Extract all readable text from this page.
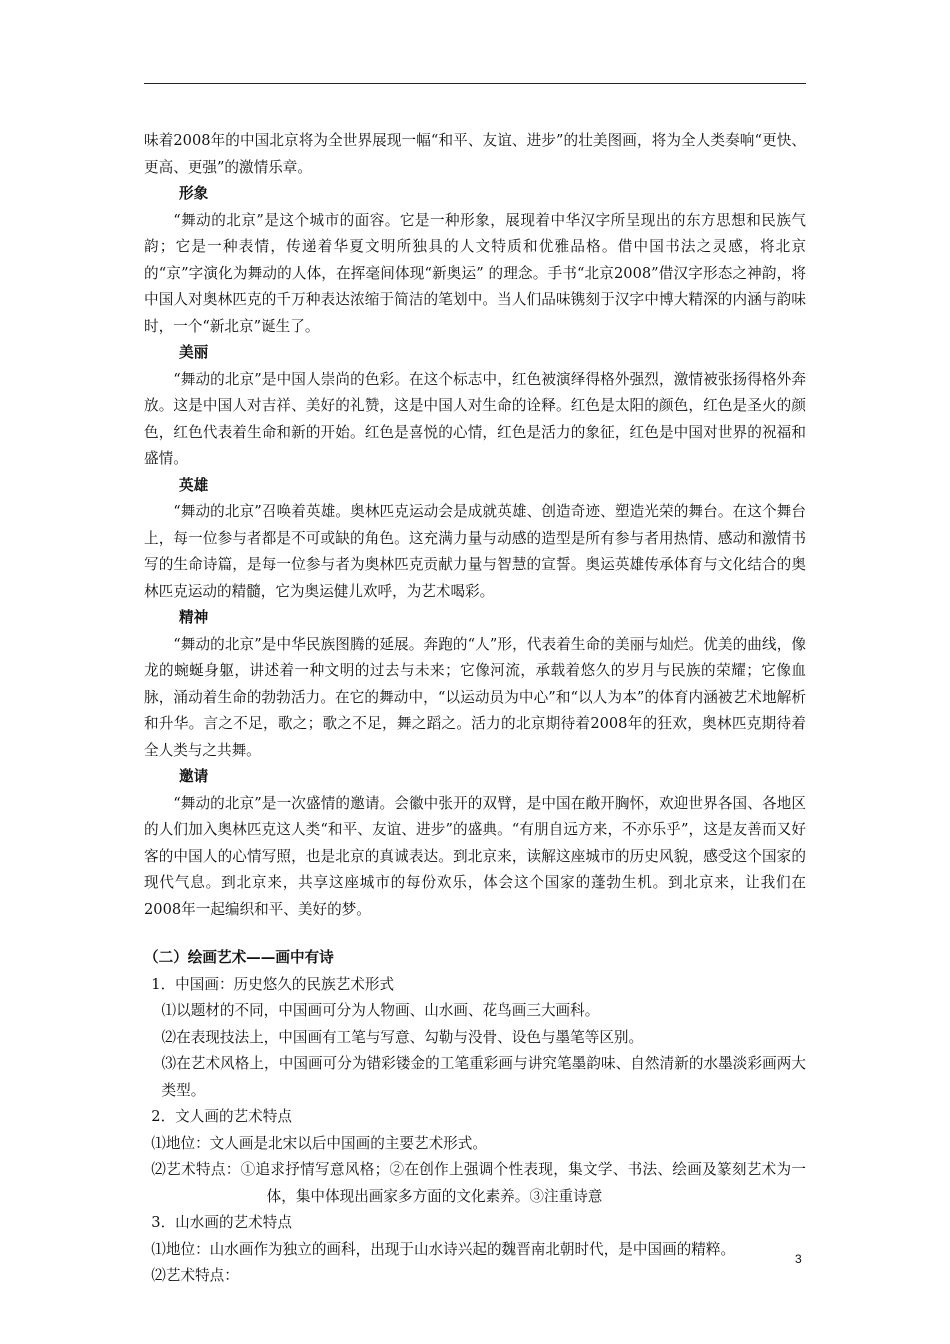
味着2008年的中国北京将为全世界展现一幅“和平、友谊、进步”的壮美图画，将为全人类奏响“更快、更高、更强”的激情乐章。

形象

“舞动的北京”是这个城市的面容。它是一种形象，展现着中华汉字所呈现出的东方思想和民族气韵；它是一种表情，传递着华夏文明所独具的人文特质和优雅品格。借中国书法之灵感，将北京的“京”字演化为舞动的人体，在挥毫间体现“新奥运” 的理念。手书“北京2008”借汉字形态之神韵，将中国人对奥林匹克的千万种表达浓缩于简洁的笔划中。当人们品味镌刻于汉字中博大精深的内涵与韵味时，一个“新北京”诞生了。

美丽

“舞动的北京”是中国人崇尚的色彩。在这个标志中，红色被演绎得格外强烈，激情被张扬得格外奔放。这是中国人对吉祥、美好的礼赞，这是中国人对生命的诠释。红色是太阳的颜色，红色是圣火的颜色，红色代表着生命和新的开始。红色是喜悦的心情，红色是活力的象征，红色是中国对世界的祝福和盛情。

英雄

“舞动的北京”召唤着英雄。奥林匹克运动会是成就英雄、创造奇迹、塑造光荣的舞台。在这个舞台上，每一位参与者都是不可或缺的角色。这充满力量与动感的造型是所有参与者用热情、感动和激情书写的生命诗篇，是每一位参与者为奥林匹克贡献力量与智慧的宣誓。奥运英雄传承体育与文化结合的奥林匹克运动的精髓，它为奥运健儿欢呼，为艺术喝彩。

精神

“舞动的北京”是中华民族图腾的延展。奔跑的“人”形，代表着生命的美丽与灿烂。优美的曲线，像龙的蜿蜒身躯，讲述着一种文明的过去与未来；它像河流，承载着悠久的岁月与民族的荣耀；它像血脉，涌动着生命的勃勃活力。在它的舞动中，“以运动员为中心”和“以人为本”的体育内涵被艺术地解析和升华。言之不足，歌之；歌之不足，舞之蹈之。活力的北京期待着2008年的狂欢，奥林匹克期待着全人类与之共舞。

邀请

“舞动的北京”是一次盛情的邀请。会徽中张开的双臂，是中国在敞开胸怀，欢迎世界各国、各地区的人们加入奥林匹克这人类“和平、友谊、进步”的盛典。“有朋自远方来，不亦乐乎”，这是友善而又好客的中国人的心情写照，也是北京的真诚表达。到北京来，读解这座城市的历史风貌，感受这个国家的现代气息。到北京来，共享这座城市的每份欢乐，体会这个国家的蓬勃生机。到北京来，让我们在2008年一起编织和平、美好的梦。

（二）绘画艺术——画中有诗

1．中国画：历史悠久的民族艺术形式

⑴以题材的不同，中国画可分为人物画、山水画、花鸟画三大画科。

⑵在表现技法上，中国画有工笔与写意、勾勒与没骨、设色与墨笔等区别。

⑶在艺术风格上，中国画可分为错彩镂金的工笔重彩画与讲究笔墨韵味、自然清新的水墨淡彩画两大类型。

2．文人画的艺术特点

⑴地位：文人画是北宋以后中国画的主要艺术形式。

⑵艺术特点：①追求抒情写意风格；②在创作上强调个性表现，集文学、书法、绘画及篆刻艺术为一体，集中体现出画家多方面的文化素养。③注重诗意

3．山水画的艺术特点

⑴地位：山水画作为独立的画科，出现于山水诗兴起的魏晋南北朝时代，是中国画的精粹。

⑵艺术特点：

3
